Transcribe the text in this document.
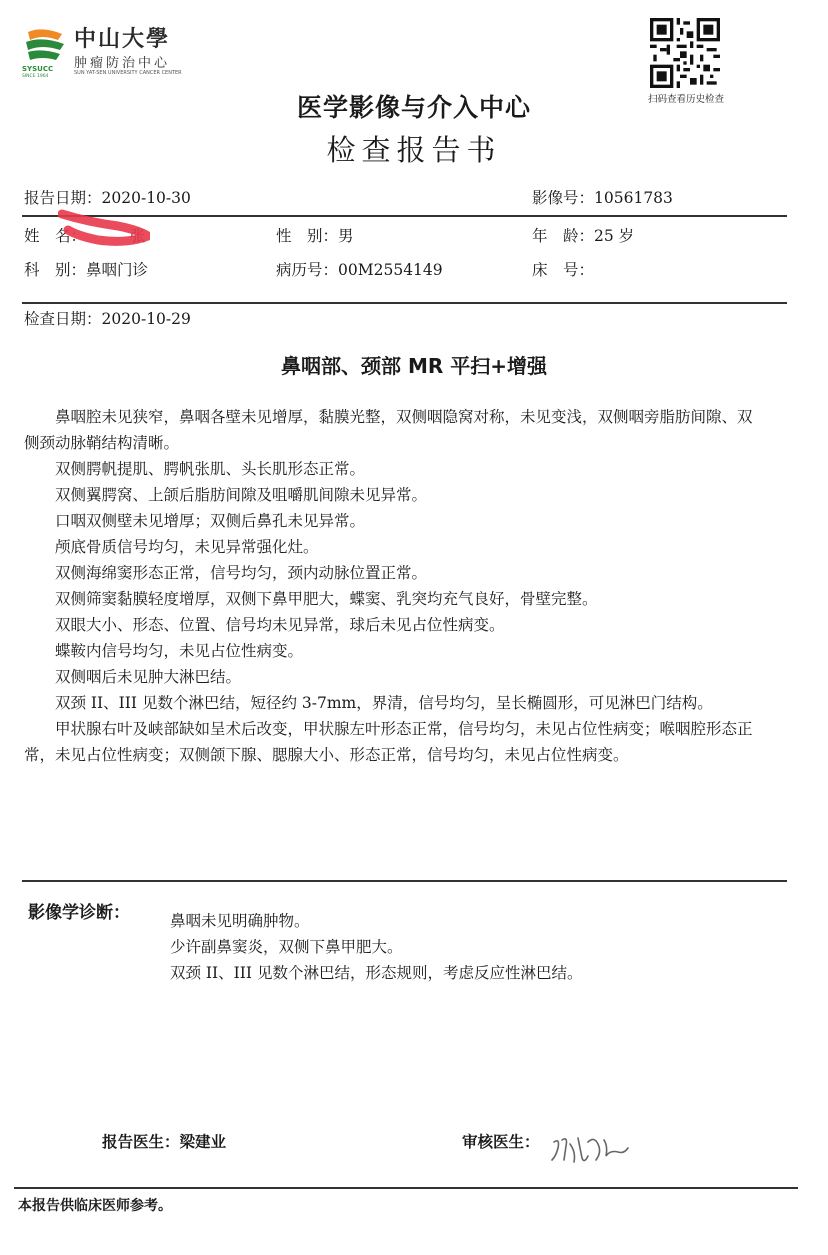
SYSUCC
SINCE 1964
中山大學
肿瘤防治中心
SUN YAT-SEN UNIVERSITY CANCER CENTER
扫码查看历史检查
医学影像与介入中心
检查报告书
报告日期：2020-10-30	影像号：10561783
姓　名：	张	性　别：男	年　龄：25 岁
科　别：鼻咽门诊	病历号：00M2554149	床　号：
检查日期：2020-10-29
鼻咽部、颈部 MR 平扫+增强

鼻咽腔未见狭窄，鼻咽各壁未见增厚，黏膜光整，双侧咽隐窝对称，未见变浅，双侧咽旁脂肪间隙、双侧颈动脉鞘结构清晰。

双侧腭帆提肌、腭帆张肌、头长肌形态正常。

双侧翼腭窝、上颌后脂肪间隙及咀嚼肌间隙未见异常。

口咽双侧壁未见增厚；双侧后鼻孔未见异常。

颅底骨质信号均匀，未见异常强化灶。

双侧海绵窦形态正常，信号均匀，颈内动脉位置正常。

双侧筛窦黏膜轻度增厚，双侧下鼻甲肥大，蝶窦、乳突均充气良好，骨壁完整。

双眼大小、形态、位置、信号均未见异常，球后未见占位性病变。

蝶鞍内信号均匀，未见占位性病变。

双侧咽后未见肿大淋巴结。

双颈 II、III 见数个淋巴结，短径约 3-7mm，界清，信号均匀，呈长椭圆形，可见淋巴门结构。

甲状腺右叶及峡部缺如呈术后改变，甲状腺左叶形态正常，信号均匀，未见占位性病变；喉咽腔形态正常，未见占位性病变；双侧颌下腺、腮腺大小、形态正常，信号均匀，未见占位性病变。

影像学诊断：	鼻咽未见明确肿物。
少许副鼻窦炎，双侧下鼻甲肥大。
双颈 II、III 见数个淋巴结，形态规则，考虑反应性淋巴结。
报告医生：梁建业	审核医生：
本报告供临床医师参考。
